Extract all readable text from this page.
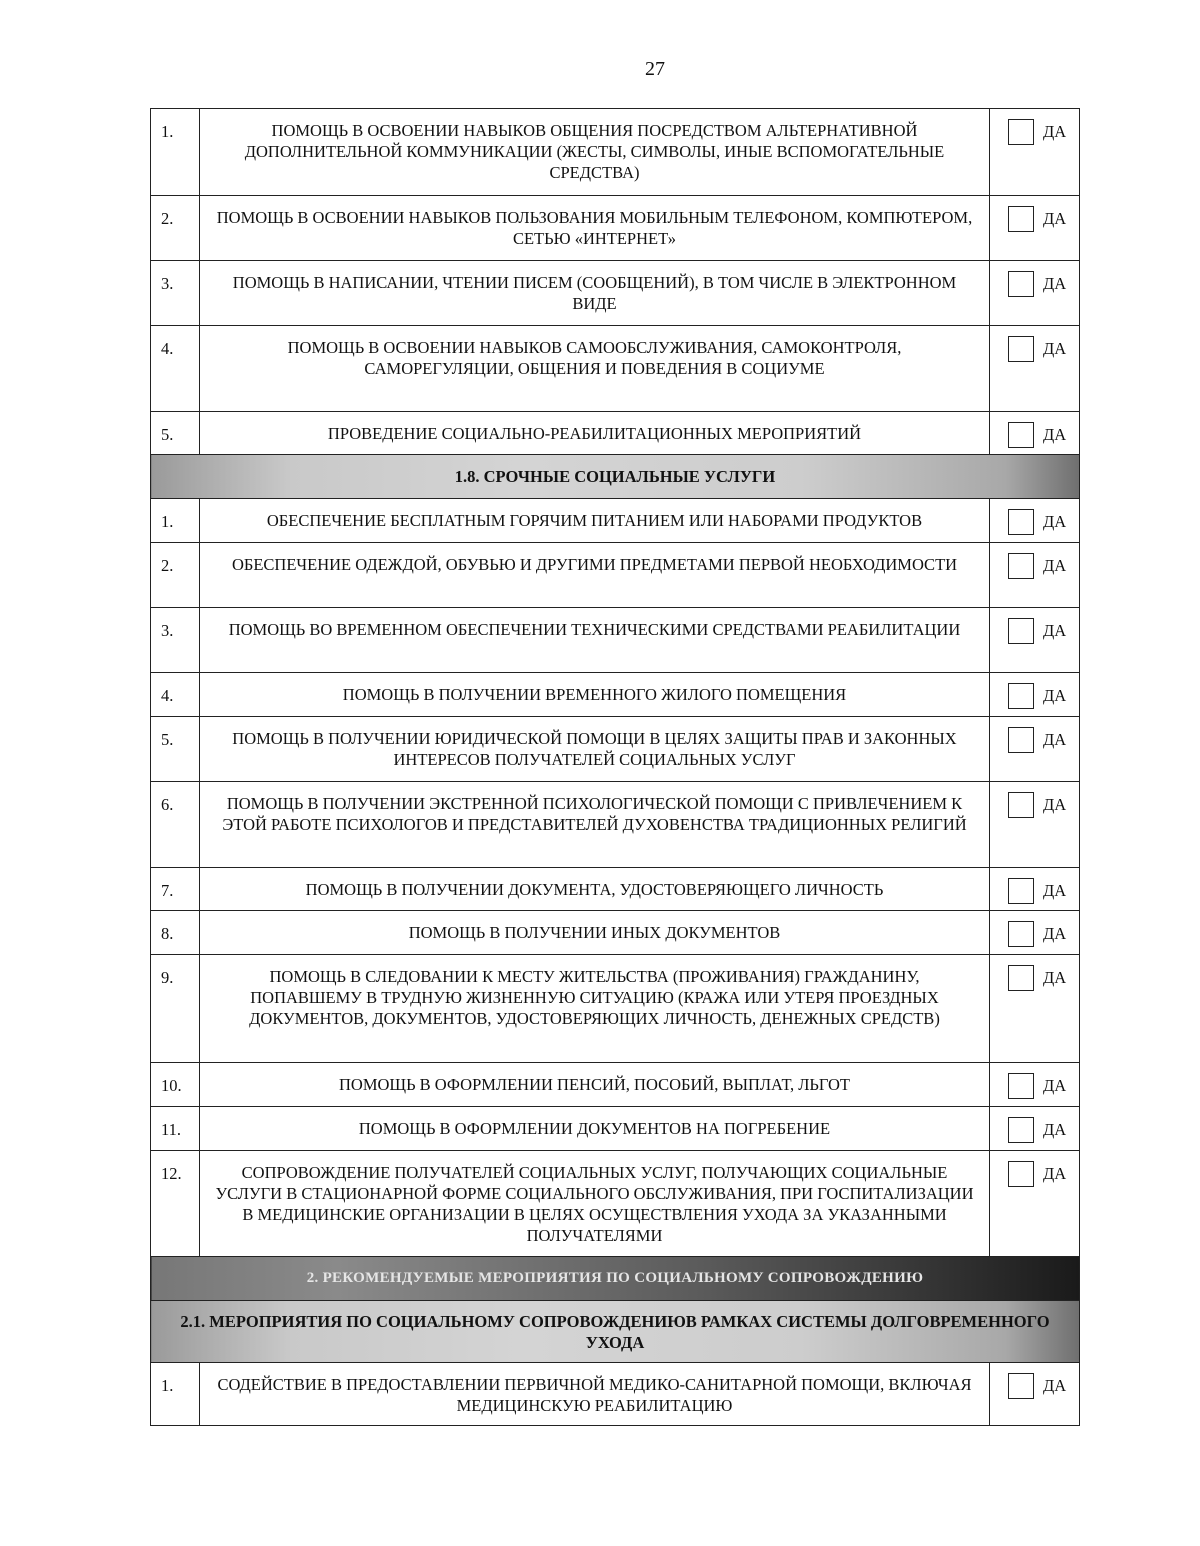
27
1.	ПОМОЩЬ В ОСВОЕНИИ НАВЫКОВ ОБЩЕНИЯ ПОСРЕДСТВОМ АЛЬТЕРНАТИВНОЙ ДОПОЛНИТЕЛЬНОЙ КОММУНИКАЦИИ (ЖЕСТЫ, СИМВОЛЫ, ИНЫЕ ВСПОМОГАТЕЛЬНЫЕ СРЕДСТВА)	ДА

2.	ПОМОЩЬ В ОСВОЕНИИ НАВЫКОВ ПОЛЬЗОВАНИЯ МОБИЛЬНЫМ ТЕЛЕФОНОМ, КОМПЮТЕРОМ, СЕТЬЮ «ИНТЕРНЕТ»	ДА

3.	ПОМОЩЬ В НАПИСАНИИ, ЧТЕНИИ ПИСЕМ (СООБЩЕНИЙ), В ТОМ ЧИСЛЕ В ЭЛЕКТРОННОМ ВИДЕ	ДА

4.	ПОМОЩЬ В ОСВОЕНИИ НАВЫКОВ САМООБСЛУЖИВАНИЯ, САМОКОНТРОЛЯ, САМОРЕГУЛЯЦИИ, ОБЩЕНИЯ И ПОВЕДЕНИЯ В СОЦИУМЕ	ДА

5.	ПРОВЕДЕНИЕ СОЦИАЛЬНО-РЕАБИЛИТАЦИОННЫХ МЕРОПРИЯТИЙ	ДА

1.8. СРОЧНЫЕ СОЦИАЛЬНЫЕ УСЛУГИ		
1.	ОБЕСПЕЧЕНИЕ БЕСПЛАТНЫМ ГОРЯЧИМ ПИТАНИЕМ ИЛИ НАБОРАМИ ПРОДУКТОВ	ДА

2.	ОБЕСПЕЧЕНИЕ ОДЕЖДОЙ, ОБУВЬЮ И ДРУГИМИ ПРЕДМЕТАМИ ПЕРВОЙ НЕОБХОДИМОСТИ	ДА

3.	ПОМОЩЬ ВО ВРЕМЕННОМ ОБЕСПЕЧЕНИИ ТЕХНИЧЕСКИМИ СРЕДСТВАМИ РЕАБИЛИТАЦИИ	ДА

4.	ПОМОЩЬ В ПОЛУЧЕНИИ ВРЕМЕННОГО ЖИЛОГО ПОМЕЩЕНИЯ	ДА

5.	ПОМОЩЬ В ПОЛУЧЕНИИ ЮРИДИЧЕСКОЙ ПОМОЩИ В ЦЕЛЯХ ЗАЩИТЫ ПРАВ И ЗАКОННЫХ ИНТЕРЕСОВ ПОЛУЧАТЕЛЕЙ СОЦИАЛЬНЫХ УСЛУГ	ДА

6.	ПОМОЩЬ В ПОЛУЧЕНИИ ЭКСТРЕННОЙ ПСИХОЛОГИЧЕСКОЙ ПОМОЩИ С ПРИВЛЕЧЕНИЕМ К ЭТОЙ РАБОТЕ ПСИХОЛОГОВ И ПРЕДСТАВИТЕЛЕЙ ДУХОВЕНСТВА ТРАДИЦИОННЫХ РЕЛИГИЙ	ДА

7.	ПОМОЩЬ В ПОЛУЧЕНИИ ДОКУМЕНТА, УДОСТОВЕРЯЮЩЕГО ЛИЧНОСТЬ	ДА

8.	ПОМОЩЬ В ПОЛУЧЕНИИ ИНЫХ ДОКУМЕНТОВ	ДА

9.	ПОМОЩЬ В СЛЕДОВАНИИ К МЕСТУ ЖИТЕЛЬСТВА (ПРОЖИВАНИЯ) ГРАЖДАНИНУ, ПОПАВШЕМУ В ТРУДНУЮ ЖИЗНЕННУЮ СИТУАЦИЮ (КРАЖА ИЛИ УТЕРЯ ПРОЕЗДНЫХ ДОКУМЕНТОВ, ДОКУМЕНТОВ, УДОСТОВЕРЯЮЩИХ ЛИЧНОСТЬ, ДЕНЕЖНЫХ СРЕДСТВ)	ДА

10.	ПОМОЩЬ В ОФОРМЛЕНИИ ПЕНСИЙ, ПОСОБИЙ, ВЫПЛАТ, ЛЬГОТ	ДА

11.	ПОМОЩЬ В ОФОРМЛЕНИИ ДОКУМЕНТОВ НА ПОГРЕБЕНИЕ	ДА

12.	СОПРОВОЖДЕНИЕ ПОЛУЧАТЕЛЕЙ СОЦИАЛЬНЫХ УСЛУГ, ПОЛУЧАЮЩИХ СОЦИАЛЬНЫЕ УСЛУГИ В СТАЦИОНАРНОЙ ФОРМЕ СОЦИАЛЬНОГО ОБСЛУЖИВАНИЯ, ПРИ ГОСПИТАЛИЗАЦИИ В МЕДИЦИНСКИЕ ОРГАНИЗАЦИИ В ЦЕЛЯХ ОСУЩЕСТВЛЕНИЯ УХОДА ЗА УКАЗАННЫМИ ПОЛУЧАТЕЛЯМИ	ДА

2. РЕКОМЕНДУЕМЫЕ МЕРОПРИЯТИЯ ПО СОЦИАЛЬНОМУ СОПРОВОЖДЕНИЮ		
2.1. МЕРОПРИЯТИЯ ПО СОЦИАЛЬНОМУ СОПРОВОЖДЕНИЮВ РАМКАХ СИСТЕМЫ ДОЛГОВРЕМЕННОГО УХОДА		
1.	СОДЕЙСТВИЕ В ПРЕДОСТАВЛЕНИИ ПЕРВИЧНОЙ МЕДИКО-САНИТАРНОЙ ПОМОЩИ, ВКЛЮЧАЯ МЕДИЦИНСКУЮ РЕАБИЛИТАЦИЮ	ДА
